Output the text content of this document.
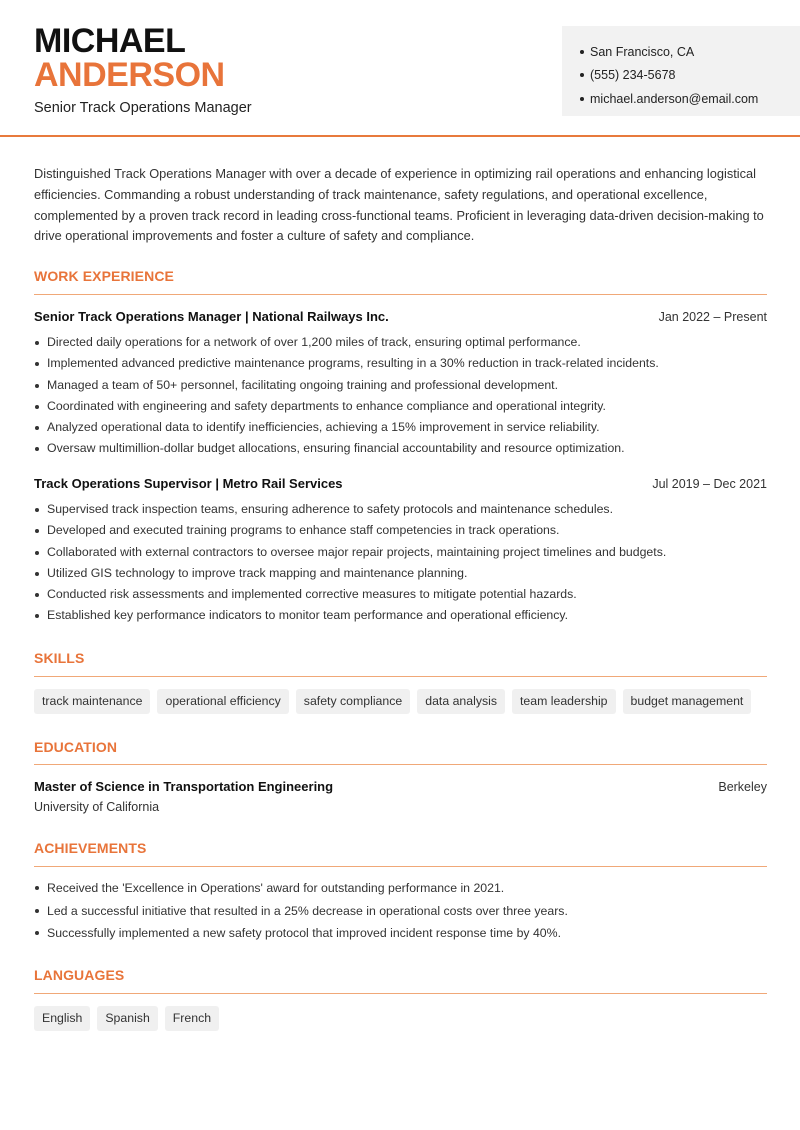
MICHAEL
ANDERSON
Senior Track Operations Manager
San Francisco, CA
(555) 234-5678
michael.anderson@email.com

Distinguished Track Operations Manager with over a decade of experience in optimizing rail operations and enhancing logistical efficiencies. Commanding a robust understanding of track maintenance, safety regulations, and operational excellence, complemented by a proven track record in leading cross-functional teams. Proficient in leveraging data-driven decision-making to drive operational improvements and foster a culture of safety and compliance.

WORK EXPERIENCE
Senior Track Operations Manager | National Railways Inc.	Jan 2022 – Present
Directed daily operations for a network of over 1,200 miles of track, ensuring optimal performance.
Implemented advanced predictive maintenance programs, resulting in a 30% reduction in track-related incidents.
Managed a team of 50+ personnel, facilitating ongoing training and professional development.
Coordinated with engineering and safety departments to enhance compliance and operational integrity.
Analyzed operational data to identify inefficiencies, achieving a 15% improvement in service reliability.
Oversaw multimillion-dollar budget allocations, ensuring financial accountability and resource optimization.
Track Operations Supervisor | Metro Rail Services	Jul 2019 – Dec 2021
Supervised track inspection teams, ensuring adherence to safety protocols and maintenance schedules.
Developed and executed training programs to enhance staff competencies in track operations.
Collaborated with external contractors to oversee major repair projects, maintaining project timelines and budgets.
Utilized GIS technology to improve track mapping and maintenance planning.
Conducted risk assessments and implemented corrective measures to mitigate potential hazards.
Established key performance indicators to monitor team performance and operational efficiency.
SKILLS
track maintenance	operational efficiency	safety compliance	data analysis	team leadership	budget management
EDUCATION
Master of Science in Transportation Engineering	Berkeley
University of California
ACHIEVEMENTS
Received the 'Excellence in Operations' award for outstanding performance in 2021.
Led a successful initiative that resulted in a 25% decrease in operational costs over three years.
Successfully implemented a new safety protocol that improved incident response time by 40%.
LANGUAGES
English	Spanish	French
